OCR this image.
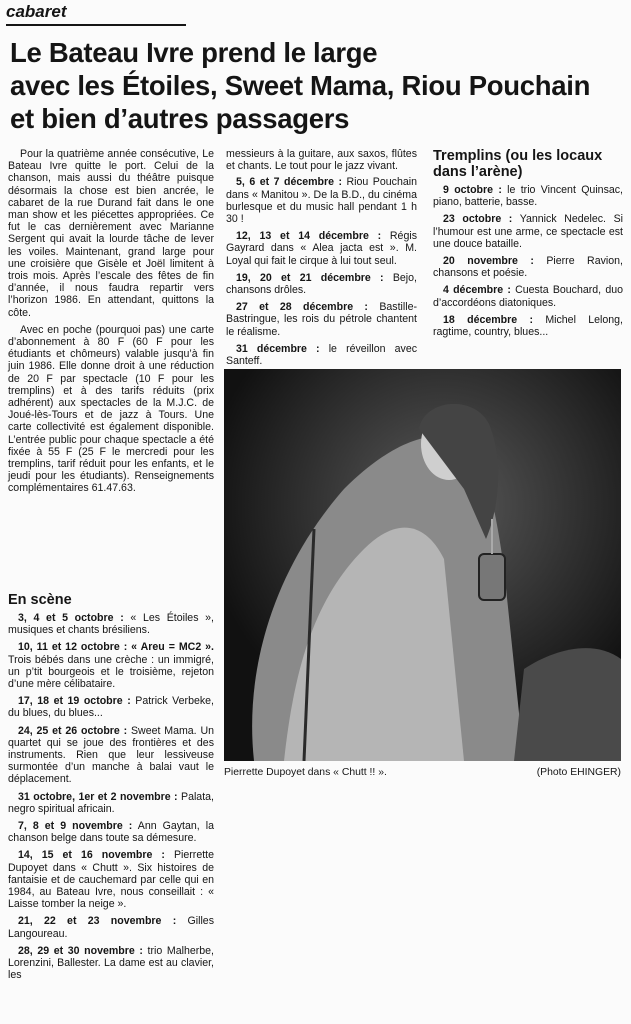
cabaret
Le Bateau Ivre prend le large
avec les Étoiles, Sweet Mama, Riou Pouchain
et bien d’autres passagers

Pour la quatrième année consécutive, Le Bateau Ivre quitte le port. Celui de la chanson, mais aussi du théâtre puisque désormais la chose est bien ancrée, le cabaret de la rue Durand fait dans le one man show et les piécettes appropriées. Ce fut le cas dernièrement avec Marianne Sergent qui avait la lourde tâche de lever les voiles. Maintenant, grand large pour une croisière que Gisèle et Joël limitent à trois mois. Après l’escale des fêtes de fin d’année, il nous faudra repartir vers l’horizon 1986. En attendant, quittons la côte.

Avec en poche (pourquoi pas) une carte d’abonnement à 80 F (60 F pour les étudiants et chômeurs) valable jusqu’à fin juin 1986. Elle donne droit à une réduction de 20 F par spectacle (10 F pour les tremplins) et à des tarifs réduits (prix adhérent) aux spectacles de la M.J.C. de Joué-lès-Tours et de jazz à Tours. Une carte collectivité est également disponible. L’entrée public pour chaque spectacle a été fixée à 55 F (25 F le mercredi pour les tremplins, tarif réduit pour les enfants, et le jeudi pour les étudiants). Renseignements complémentaires 61.47.63.

En scène

3, 4 et 5 octobre : « Les Étoiles », musiques et chants brésiliens.

10, 11 et 12 octobre : « Areu = MC2 ». Trois bébés dans une crèche : un immigré, un p’tit bourgeois et le troisième, rejeton d’une mère célibataire.

17, 18 et 19 octobre : Patrick Verbeke, du blues, du blues...

24, 25 et 26 octobre : Sweet Mama. Un quartet qui se joue des frontières et des instruments. Rien que leur lessiveuse surmontée d’un manche à balai vaut le déplacement.

31 octobre, 1er et 2 novembre : Palata, negro spiritual africain.

7, 8 et 9 novembre : Ann Gaytan, la chanson belge dans toute sa démesure.

14, 15 et 16 novembre : Pierrette Dupoyet dans « Chutt ». Six histoires de fantaisie et de cauchemard par celle qui en 1984, au Bateau Ivre, nous conseillait : « Laisse tomber la neige ».

21, 22 et 23 novembre : Gilles Langoureau.

28, 29 et 30 novembre : trio Malherbe, Lorenzini, Ballester. La dame est au clavier, les

messieurs à la guitare, aux saxos, flûtes et chants. Le tout pour le jazz vivant.

5, 6 et 7 décembre : Riou Pouchain dans « Manitou ». De la B.D., du cinéma burlesque et du music hall pendant 1 h 30 !

12, 13 et 14 décembre : Régis Gayrard dans « Alea jacta est ». M. Loyal qui fait le cirque à lui tout seul.

19, 20 et 21 décembre : Bejo, chansons drôles.

27 et 28 décembre : Bastille-Bastringue, les rois du pétrole chantent le réalisme.

31 décembre : le réveillon avec Santeff.

Tremplins (ou les locaux dans l’arène)

9 octobre : le trio Vincent Quinsac, piano, batterie, basse.

23 octobre : Yannick Nedelec. Si l’humour est une arme, ce spectacle est une douce bataille.

20 novembre : Pierre Ravion, chansons et poésie.

4 décembre : Cuesta Bouchard, duo d’accordéons diatoniques.

18 décembre : Michel Lelong, ragtime, country, blues...

Pierrette Dupoyet dans « Chutt !! ».	(Photo EHINGER)
